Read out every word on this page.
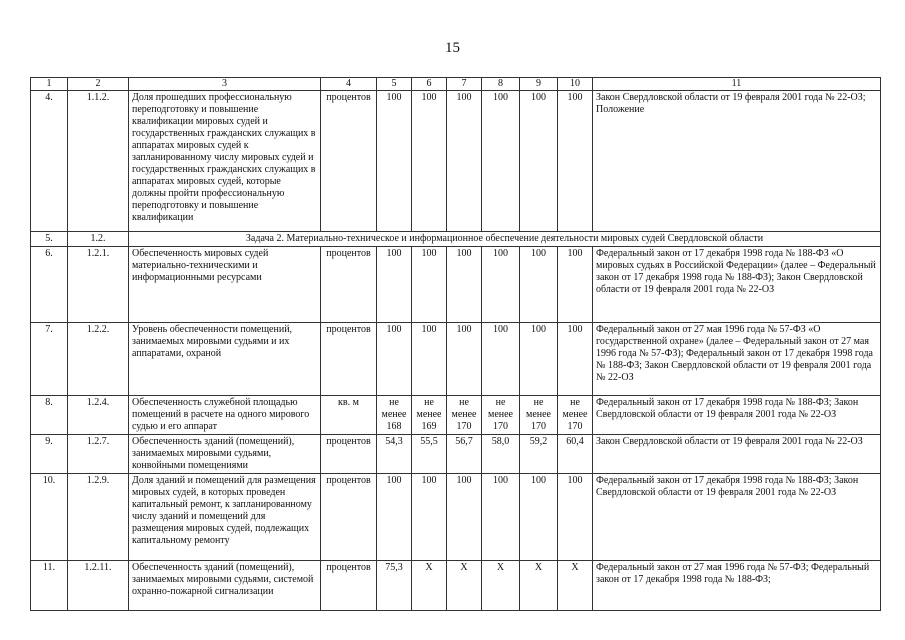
15
1	2	3	4	5	6	7	8	9	10	11
4.	1.1.2.	Доля прошедших профессиональную переподготовку и повышение квалификации мировых судей и государственных гражданских служащих в аппаратах мировых судей к запланированному числу мировых судей и государственных гражданских служащих в аппаратах мировых судей, которые должны пройти профессиональную переподготовку и повышение квалификации	процентов	100	100	100	100	100	100	Закон Свердловской области от 19 февраля 2001 года № 22-ОЗ; Положение
5.	1.2.	Задача 2. Материально-техническое и информационное обеспечение деятельности мировых судей Свердловской области								
6.	1.2.1.	Обеспеченность мировых судей материально-техническими и информационными ресурсами	процентов	100	100	100	100	100	100	Федеральный закон от 17 декабря 1998 года № 188-ФЗ «О мировых судьях в Российской Федерации» (далее – Федеральный закон от 17 декабря 1998 года № 188-ФЗ); Закон Свердловской области от 19 февраля 2001 года № 22-ОЗ
7.	1.2.2.	Уровень обеспеченности помещений, занимаемых мировыми судьями и их аппаратами, охраной	процентов	100	100	100	100	100	100	Федеральный закон от 27 мая 1996 года № 57-ФЗ «О государственной охране» (далее – Федеральный закон от 27 мая 1996 года № 57-ФЗ); Федеральный закон от 17 декабря 1998 года № 188-ФЗ; Закон Свердловской области от 19 февраля 2001 года № 22-ОЗ
8.	1.2.4.	Обеспеченность служебной площадью помещений в расчете на одного мирового судью и его аппарат	кв. м	не менее 168	не менее 169	не менее 170	не менее 170	не менее 170	не менее 170	Федеральный закон от 17 декабря 1998 года № 188-ФЗ; Закон Свердловской области от 19 февраля 2001 года № 22-ОЗ
9.	1.2.7.	Обеспеченность зданий (помещений), занимаемых мировыми судьями, конвойными помещениями	процентов	54,3	55,5	56,7	58,0	59,2	60,4	Закон Свердловской области от 19 февраля 2001 года № 22-ОЗ
10.	1.2.9.	Доля зданий и помещений для размещения мировых судей, в которых проведен капитальный ремонт, к запланированному числу зданий и помещений для размещения мировых судей, подлежащих капитальному ремонту	процентов	100	100	100	100	100	100	Федеральный закон от 17 декабря 1998 года № 188-ФЗ; Закон Свердловской области от 19 февраля 2001 года № 22-ОЗ
11.	1.2.11.	Обеспеченность зданий (помещений), занимаемых мировыми судьями, системой охранно-пожарной сигнализации	процентов	75,3	Х	Х	Х	Х	Х	Федеральный закон от 27 мая 1996 года № 57-ФЗ; Федеральный закон от 17 декабря 1998 года № 188-ФЗ;
